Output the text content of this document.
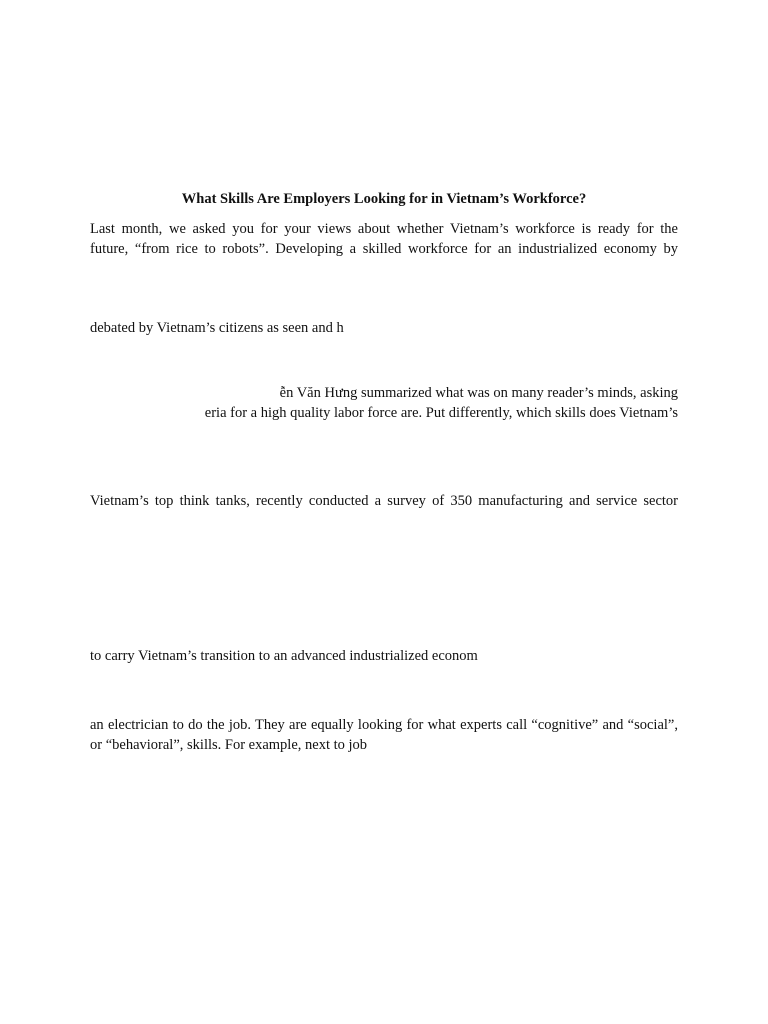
What Skills Are Employers Looking for in Vietnam’s Workforce?
Last month, we asked you for your views about whether Vietnam’s workforce is ready for the
future, “from rice to robots”. Developing a skilled workforce for an industrialized economy by
debated by Vietnam’s citizens as seen and h
ễn Văn Hưng summarized what was on many reader’s minds, asking
eria for a high quality labor force are. Put differently, which skills does Vietnam’s
Vietnam’s top think tanks, recently conducted a survey of 350 manufacturing and service sector
to carry Vietnam’s transition to an advanced industrialized econom
an electrician to do the job. They are equally looking for what experts call “cognitive” and “social”,
or “behavioral”, skills. For example, next to job
